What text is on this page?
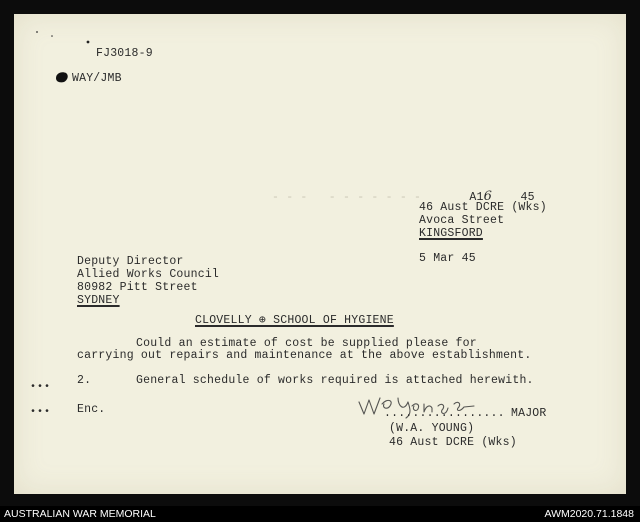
FJ3018-9
WAY/JMB
- - -   - - - - - - -	A16 45

46 Aust DCRE (Wks)
Avoca Street
KINGSFORD
5 Mar 45
Deputy Director
Allied Works Council
80982 Pitt Street
SYDNEY
CLOVELLY ⊕ SCHOOL OF HYGIENE
Could an estimate of cost be supplied please for
carrying out repairs and maintenance at the above establishment.
•••
2.	General schedule of works required is attached herewith.
••• Enc.	................. MAJOR
(W.A. YOUNG)
46 Aust DCRE (Wks)
AUSTRALIAN WAR MEMORIAL	AWM2020.71.1848
